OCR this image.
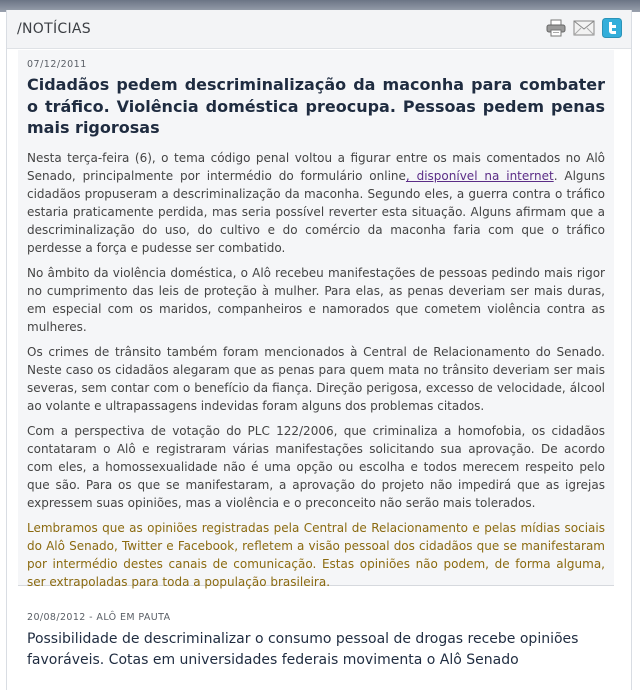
/NOTÍCIAS
07/12/2011
Cidadãos pedem descriminalização da maconha para combater o tráfico. Violência doméstica preocupa. Pessoas pedem penas mais rigorosas

Nesta terça-feira (6), o tema código penal voltou a figurar entre os mais comentados no Alô Senado, principalmente por intermédio do formulário online, disponível na internet. Alguns cidadãos propuseram a descriminalização da maconha. Segundo eles, a guerra contra o tráfico estaria praticamente perdida, mas seria possível reverter esta situação. Alguns afirmam que a descriminalização do uso, do cultivo e do comércio da maconha faria com que o tráfico perdesse a força e pudesse ser combatido.

No âmbito da violência doméstica, o Alô recebeu manifestações de pessoas pedindo mais rigor no cumprimento das leis de proteção à mulher. Para elas, as penas deveriam ser mais duras, em especial com os maridos, companheiros e namorados que cometem violência contra as mulheres.

Os crimes de trânsito também foram mencionados à Central de Relacionamento do Senado. Neste caso os cidadãos alegaram que as penas para quem mata no trânsito deveriam ser mais severas, sem contar com o benefício da fiança. Direção perigosa, excesso de velocidade, álcool ao volante e ultrapassagens indevidas foram alguns dos problemas citados.

Com a perspectiva de votação do PLC 122/2006, que criminaliza a homofobia, os cidadãos contataram o Alô e registraram várias manifestações solicitando sua aprovação. De acordo com eles, a homossexualidade não é uma opção ou escolha e todos merecem respeito pelo que são. Para os que se manifestaram, a aprovação do projeto não impedirá que as igrejas expressem suas opiniões, mas a violência e o preconceito não serão mais tolerados.

Lembramos que as opiniões registradas pela Central de Relacionamento e pelas mídias sociais do Alô Senado, Twitter e Facebook, refletem a visão pessoal dos cidadãos que se manifestaram por intermédio destes canais de comunicação. Estas opiniões não podem, de forma alguma, ser extrapoladas para toda a população brasileira.

20/08/2012 - ALÔ EM PAUTA
Possibilidade de descriminalizar o consumo pessoal de drogas recebe opiniões favoráveis. Cotas em universidades federais movimenta o Alô Senado
